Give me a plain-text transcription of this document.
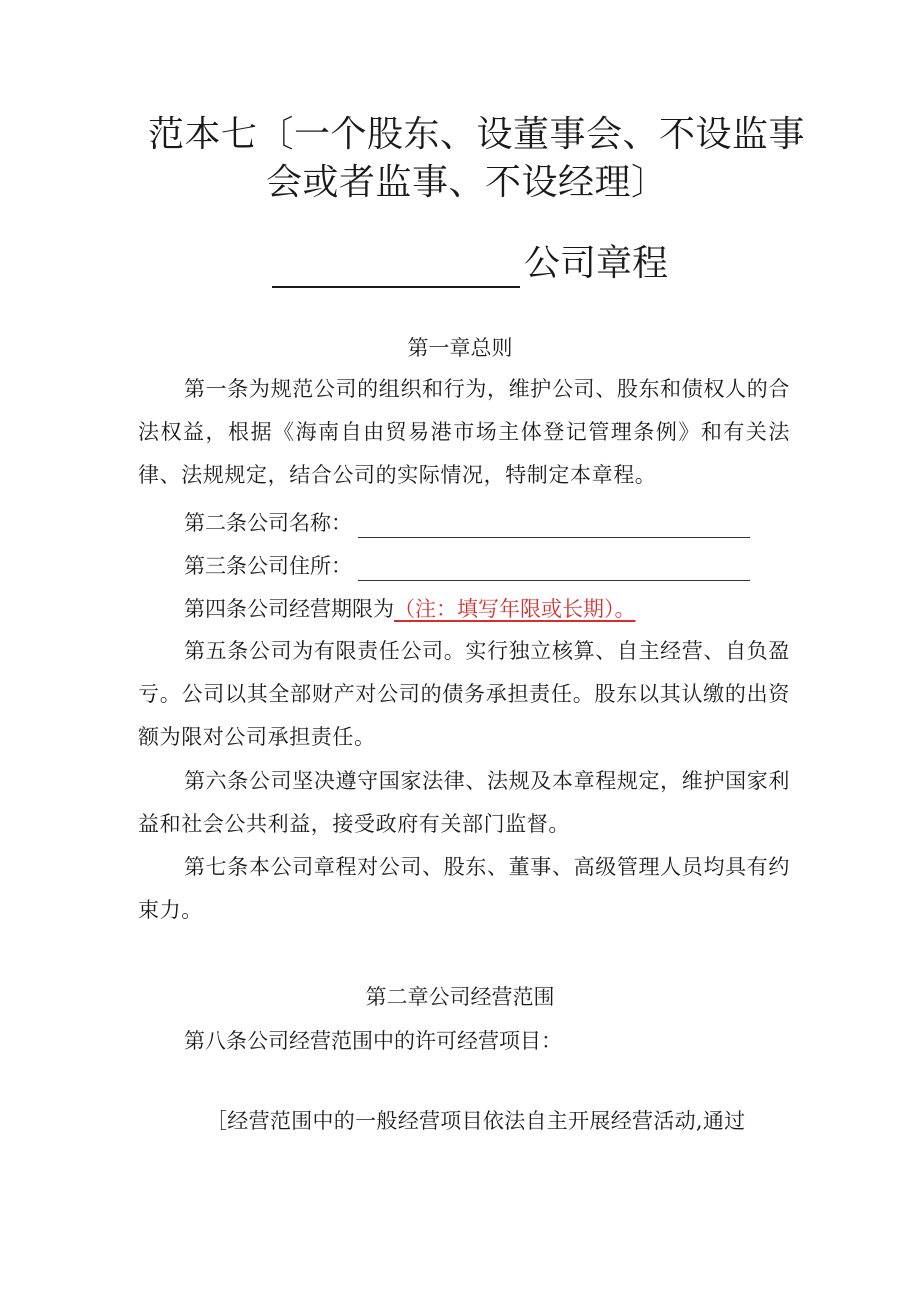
范本七〔一个股东、设董事会、不设监事
会或者监事、不设经理〕
公司章程
第一章总则
第一条为规范公司的组织和行为，维护公司、股东和债权人的合法权益，根据《海南自由贸易港市场主体登记管理条例》和有关法律、法规规定，结合公司的实际情况，特制定本章程。
第二条公司名称：
第三条公司住所：
第四条公司经营期限为（注：填写年限或长期）。
第五条公司为有限责任公司。实行独立核算、自主经营、自负盈亏。公司以其全部财产对公司的债务承担责任。股东以其认缴的出资额为限对公司承担责任。
第六条公司坚决遵守国家法律、法规及本章程规定，维护国家利益和社会公共利益，接受政府有关部门监督。
第七条本公司章程对公司、股东、董事、高级管理人员均具有约束力。
第二章公司经营范围
第八条公司经营范围中的许可经营项目：
［经营范围中的一般经营项目依法自主开展经营活动,通过
